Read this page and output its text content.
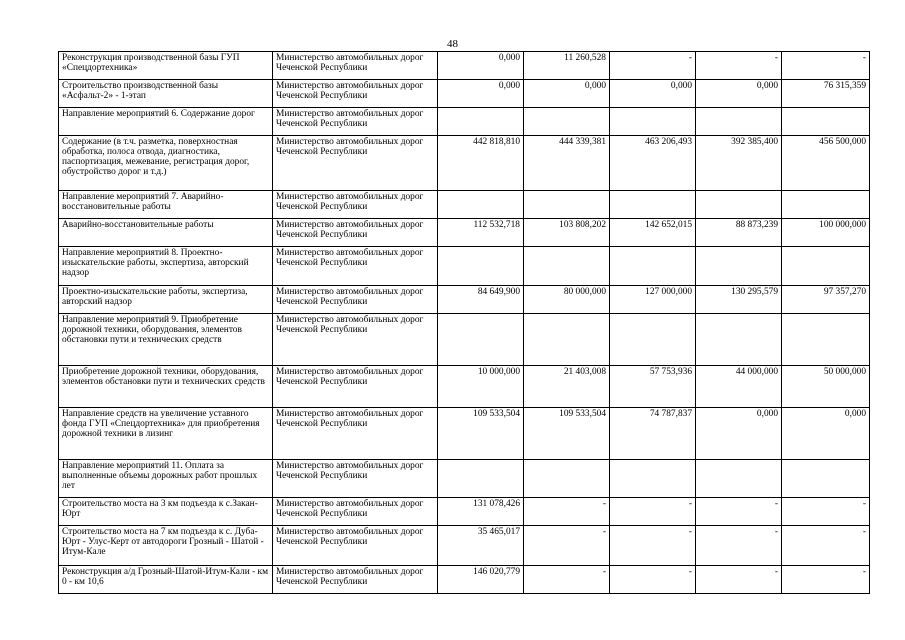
48
Реконструкция производственной базы ГУП «Спецдортехника»	Министерство автомобильных дорог Чеченской Республики	0,000	11 260,528	-	-	-
Строительство производственной базы «Асфальт-2» - 1-этап	Министерство автомобильных дорог Чеченской Республики	0,000	0,000	0,000	0,000	76 315,359
Направление мероприятий 6. Содержание дорог	Министерство автомобильных дорог Чеченской Республики					
Содержание (в т.ч. разметка, поверхностная обработка, полоса отвода, диагностика, паспортизация, межевание, регистрация дорог, обустройство дорог и т.д.)	Министерство автомобильных дорог Чеченской Республики	442 818,810	444 339,381	463 206,493	392 385,400	456 500,000
Направление мероприятий 7. Аварийно-восстановительные работы	Министерство автомобильных дорог Чеченской Республики					
Аварийно-восстановительные работы	Министерство автомобильных дорог Чеченской Республики	112 532,718	103 808,202	142 652,015	88 873,239	100 000,000
Направление мероприятий 8. Проектно-изыскательские работы, экспертиза, авторский надзор	Министерство автомобильных дорог Чеченской Республики					
Проектно-изыскательские работы, экспертиза, авторский надзор	Министерство автомобильных дорог Чеченской Республики	84 649,900	80 000,000	127 000,000	130 295,579	97 357,270
Направление мероприятий 9. Приобретение дорожной техники, оборудования, элементов обстановки пути и технических средств	Министерство автомобильных дорог Чеченской Республики					
Приобретение дорожной техники, оборудования, элементов обстановки пути и технических средств	Министерство автомобильных дорог Чеченской Республики	10 000,000	21 403,008	57 753,936	44 000,000	50 000,000
Направление средств на увеличение уставного фонда ГУП «Спецдортехника» для приобретения дорожной техники в лизинг	Министерство автомобильных дорог Чеченской Республики	109 533,504	109 533,504	74 787,837	0,000	0,000
Направление мероприятий 11. Оплата за выполненные объемы дорожных работ прошлых лет	Министерство автомобильных дорог Чеченской Республики					
Строительство моста на 3 км подъезда к с.Закан-Юрт	Министерство автомобильных дорог Чеченской Республики	131 078,426	-	-	-	-
Строительство моста на 7 км подъезда к с. Дуба-Юрт - Улус-Керт от автодороги Грозный - Шатой - Итум-Кале	Министерство автомобильных дорог Чеченской Республики	35 465,017	-	-	-	-
Реконструкция а/д Грозный-Шатой-Итум-Кали - км 0 - км 10,6	Министерство автомобильных дорог Чеченской Республики	146 020,779	-	-	-	-
